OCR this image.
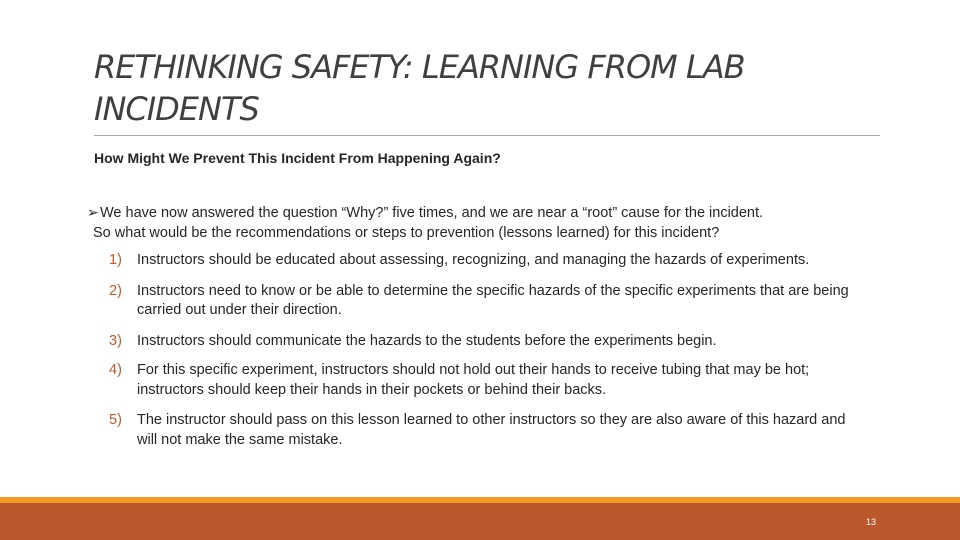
RETHINKING SAFETY: LEARNING FROM LAB INCIDENTS

How Might We Prevent This Incident From Happening Again?

➢We have now answered the question “Why?” five times, and we are near a “root” cause for the incident.
So what would be the recommendations or steps to prevention (lessons learned) for this incident?

1) Instructors should be educated about assessing, recognizing, and managing the hazards of experiments.
2) Instructors need to know or be able to determine the specific hazards of the specific experiments that are being carried out under their direction.
3) Instructors should communicate the hazards to the students before the experiments begin.
4) For this specific experiment, instructors should not hold out their hands to receive tubing that may be hot; instructors should keep their hands in their pockets or behind their backs.
5) The instructor should pass on this lesson learned to other instructors so they are also aware of this hazard and will not make the same mistake.
13
